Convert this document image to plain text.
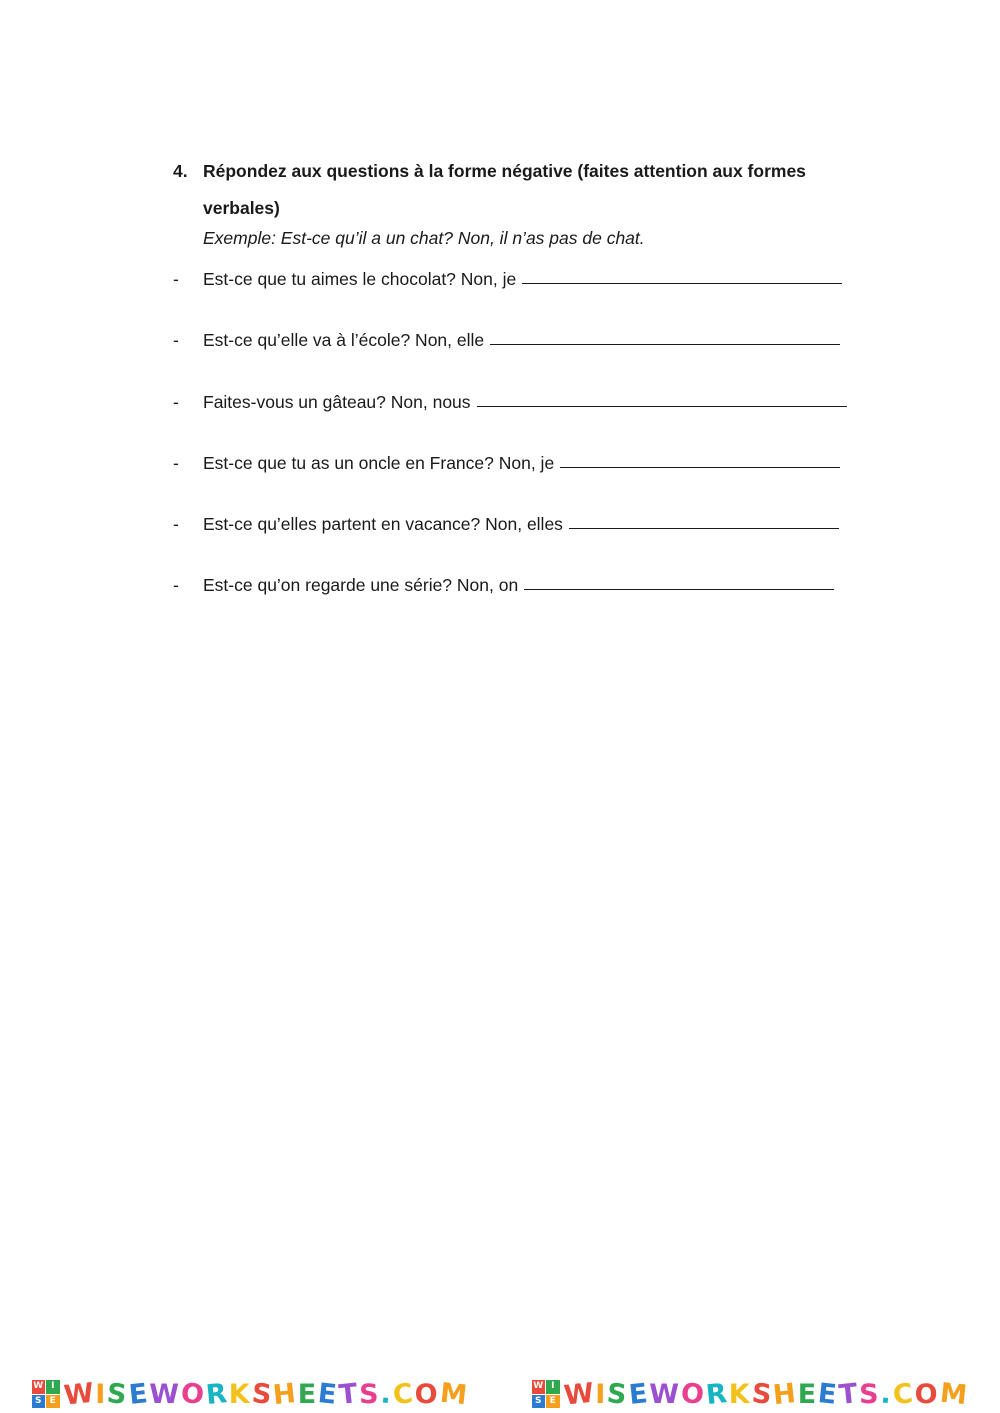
4. Répondez aux questions à la forme négative (faites attention aux formes verbales)
Exemple: Est-ce qu’il a un chat? Non, il n’as pas de chat.
-	Est-ce que tu aimes le chocolat? Non, je
-	Est-ce qu’elle va à l’école? Non, elle
-	Faites-vous un gâteau? Non, nous
-	Est-ce que tu as un oncle en France? Non, je
-	Est-ce qu’elles partent en vacance? Non, elles
-	Est-ce qu’on regarde une série? Non, on
W I
S E W
I
S
E
W
O
R
K
S
H
E
E
T
S
.
C
O
M	W I
S E W
I
S
E
W
O
R
K
S
H
E
E
T
S
.
C
O
M
